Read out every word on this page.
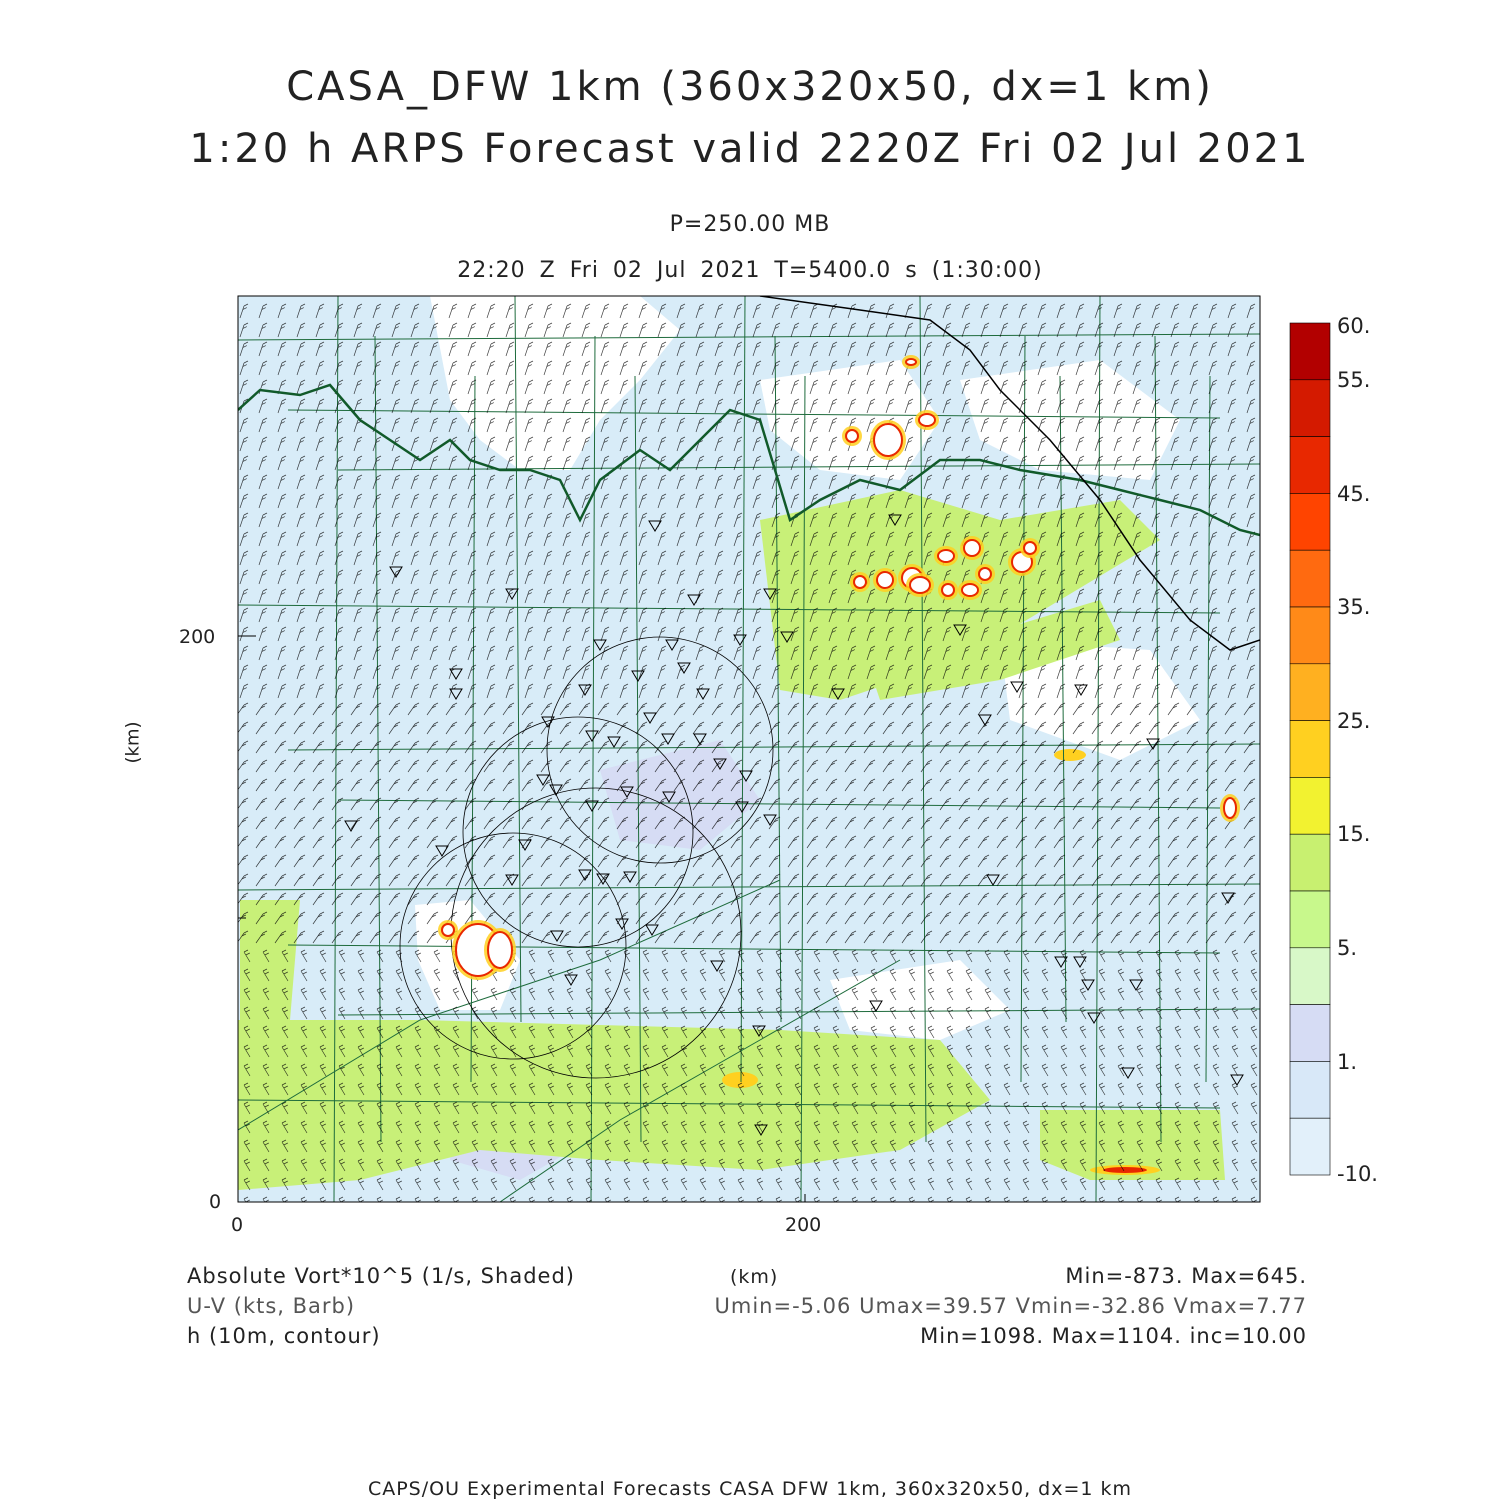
CASA_DFW 1km (360x320x50, dx=1 km)
1:20 h ARPS Forecast valid 2220Z Fri 02 Jul 2021
P=250.00 MB
22:20 Z Fri 02 Jul 2021 T=5400.0 s (1:30:00)
0	200
0
200
(km)
60.
55.
45.
35.
25.
15.
5.
1.
-10.
Absolute Vort*10^5 (1/s, Shaded)	(km)	Min=-873. Max=645.
U-V (kts, Barb)	Umin=-5.06 Umax=39.57 Vmin=-32.86 Vmax=7.77
h (10m, contour)	Min=1098. Max=1104. inc=10.00
CAPS/OU Experimental Forecasts CASA DFW 1km, 360x320x50, dx=1 km
